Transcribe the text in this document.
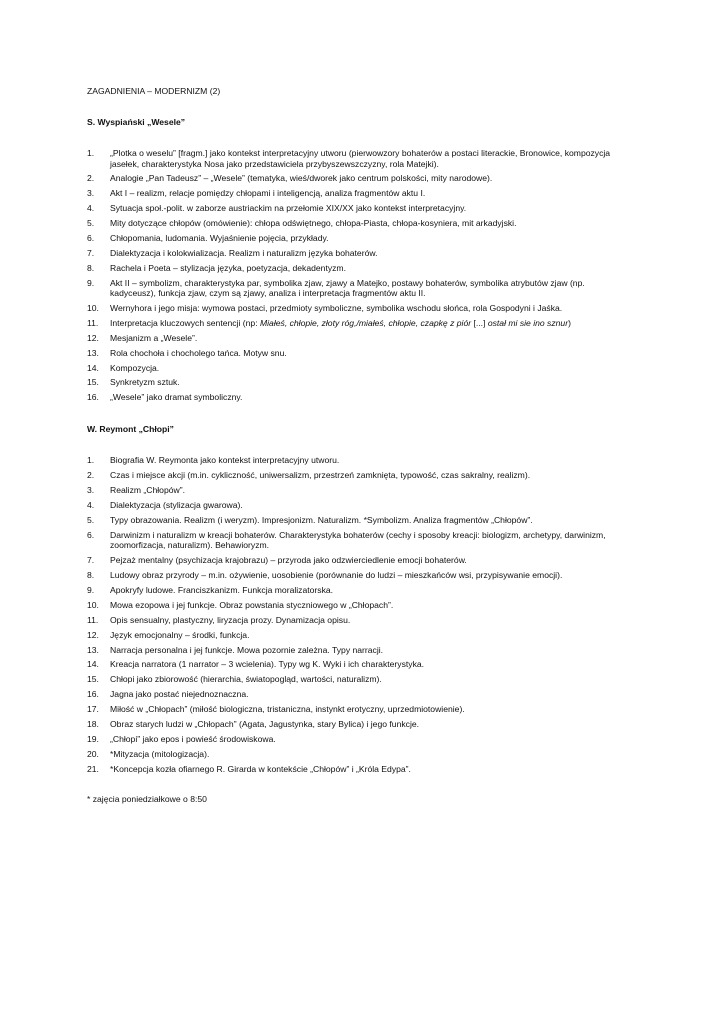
ZAGADNIENIA – MODERNIZM (2)
S. Wyspiański „Wesele”
1.	„Plotka o weselu” [fragm.] jako kontekst interpretacyjny utworu (pierwowzory bohaterów a postaci literackie, Bronowice, kompozycja jasełek, charakterystyka Nosa jako przedstawiciela przybyszewszczyzny, rola Matejki).
2.	Analogie „Pan Tadeusz” – „Wesele” (tematyka, wieś/dworek jako centrum polskości, mity narodowe).
3.	Akt I – realizm, relacje pomiędzy chłopami i inteligencją, analiza fragmentów aktu I.
4.	Sytuacja społ.-polit. w zaborze austriackim na przełomie XIX/XX jako kontekst interpretacyjny.
5.	Mity dotyczące chłopów (omówienie): chłopa odświętnego, chłopa-Piasta, chłopa-kosyniera, mit arkadyjski.
6.	Chłopomania, ludomania. Wyjaśnienie pojęcia, przykłady.
7.	Dialektyzacja i kolokwializacja. Realizm i naturalizm języka bohaterów.
8.	Rachela i Poeta – stylizacja języka, poetyzacja, dekadentyzm.
9.	Akt II – symbolizm, charakterystyka par, symbolika zjaw, zjawy a Matejko, postawy bohaterów, symbolika atrybutów zjaw (np. kadyceusz), funkcja zjaw, czym są zjawy, analiza i interpretacja fragmentów aktu II.
10.	Wernyhora i jego misja: wymowa postaci, przedmioty symboliczne, symbolika wschodu słońca, rola Gospodyni i Jaśka.
11.	Interpretacja kluczowych sentencji (np: Miałeś, chłopie, złoty róg,/miałeś, chłopie, czapkę z piór [...] ostał mi sie ino sznur)
12.	Mesjanizm a „Wesele”.
13.	Rola chochoła i chocholego tańca. Motyw snu.
14.	Kompozycja.
15.	Synkretyzm sztuk.
16.	„Wesele” jako dramat symboliczny.
W. Reymont „Chłopi”
1.	Biografia W. Reymonta jako kontekst interpretacyjny utworu.
2.	Czas i miejsce akcji (m.in. cykliczność, uniwersalizm, przestrzeń zamknięta, typowość, czas sakralny, realizm).
3.	Realizm „Chłopów”.
4.	Dialektyzacja (stylizacja gwarowa).
5.	Typy obrazowania. Realizm (i weryzm). Impresjonizm. Naturalizm. *Symbolizm. Analiza fragmentów „Chłopów”.
6.	Darwinizm i naturalizm w kreacji bohaterów. Charakterystyka bohaterów (cechy i sposoby kreacji: biologizm, archetypy, darwinizm, zoomorfizacja, naturalizm). Behawioryzm.
7.	Pejzaż mentalny (psychizacja krajobrazu) – przyroda jako odzwierciedlenie emocji bohaterów.
8.	Ludowy obraz przyrody – m.in. ożywienie, uosobienie (porównanie do ludzi – mieszkańców wsi, przypisywanie emocji).
9.	Apokryfy ludowe. Franciszkanizm. Funkcja moralizatorska.
10.	Mowa ezopowa i jej funkcje. Obraz powstania styczniowego w „Chłopach”.
11.	Opis sensualny, plastyczny, liryzacja prozy. Dynamizacja opisu.
12.	Język emocjonalny – środki, funkcja.
13.	Narracja personalna i jej funkcje. Mowa pozornie zależna. Typy narracji.
14.	Kreacja narratora (1 narrator – 3 wcielenia). Typy wg K. Wyki i ich charakterystyka.
15.	Chłopi jako zbiorowość (hierarchia, światopogląd, wartości, naturalizm).
16.	Jagna jako postać niejednoznaczna.
17.	Miłość w „Chłopach” (miłość biologiczna, tristaniczna, instynkt erotyczny, uprzedmiotowienie).
18.	Obraz starych ludzi w „Chłopach” (Agata, Jagustynka, stary Bylica) i jego funkcje.
19.	„Chłopi” jako epos i powieść środowiskowa.
20.	*Mityzacja (mitologizacja).
21.	*Koncepcja kozła ofiarnego R. Girarda w kontekście „Chłopów” i „Króla Edypa”.
* zajęcia poniedziałkowe o 8:50
